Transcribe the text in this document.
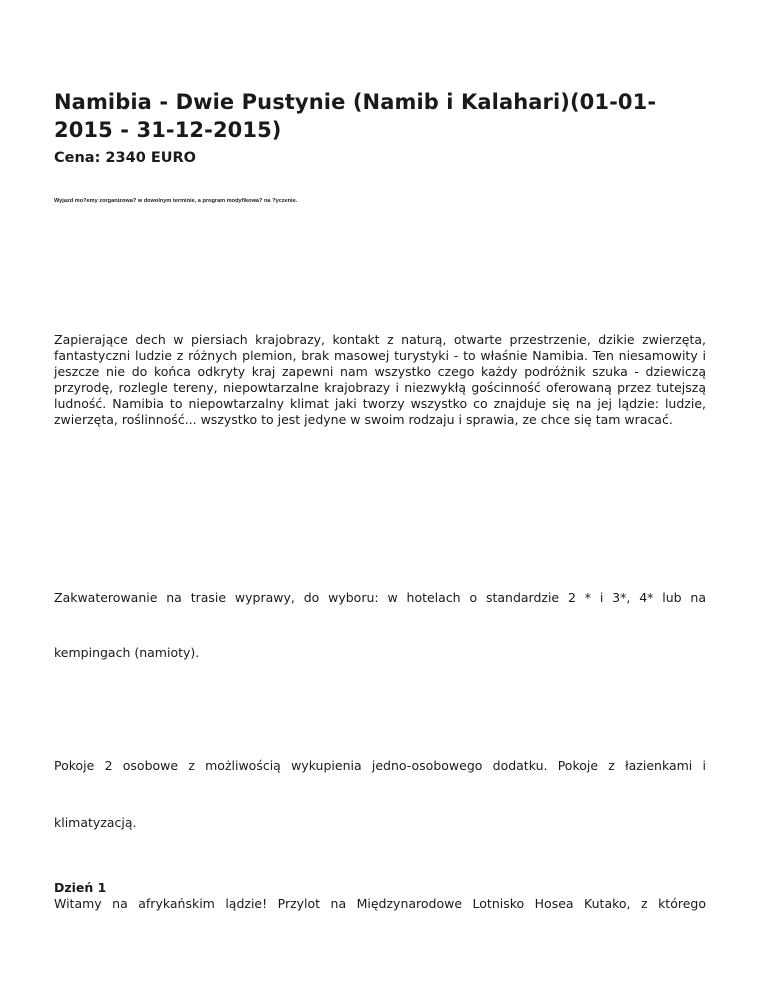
Namibia - Dwie Pustynie (Namib i Kalahari)(01-01-2015 - 31-12-2015)

Cena: 2340 EURO

Wyjazd mo?emy zorganizowa? w dowolnym terminie, a program modyfikowa? na ?yczenie.

Zapierające dech w piersiach krajobrazy, kontakt z naturą, otwarte przestrzenie, dzikie zwierzęta, fantastyczni ludzie z różnych plemion, brak masowej turystyki - to właśnie Namibia. Ten niesamowity i jeszcze nie do końca odkryty kraj zapewni nam wszystko czego każdy podróżnik szuka - dziewiczą przyrodę, rozlegle tereny, niepowtarzalne krajobrazy i niezwykłą gościnność oferowaną przez tutejszą ludność. Namibia to niepowtarzalny klimat jaki tworzy wszystko co znajduje się na jej lądzie: ludzie, zwierzęta, roślinność... wszystko to jest jedyne w swoim rodzaju i sprawia, ze chce się tam wracać.

Zakwaterowanie na trasie wyprawy, do wyboru: w hotelach o standardzie 2 * i 3*, 4* lub na

kempingach (namioty).

Pokoje 2 osobowe z możliwością wykupienia jedno-osobowego dodatku. Pokoje z łazienkami i

klimatyzacją.

Dzień 1

Witamy na afrykańskim lądzie! Przylot na Międzynarodowe Lotnisko Hosea Kutako, z którego
